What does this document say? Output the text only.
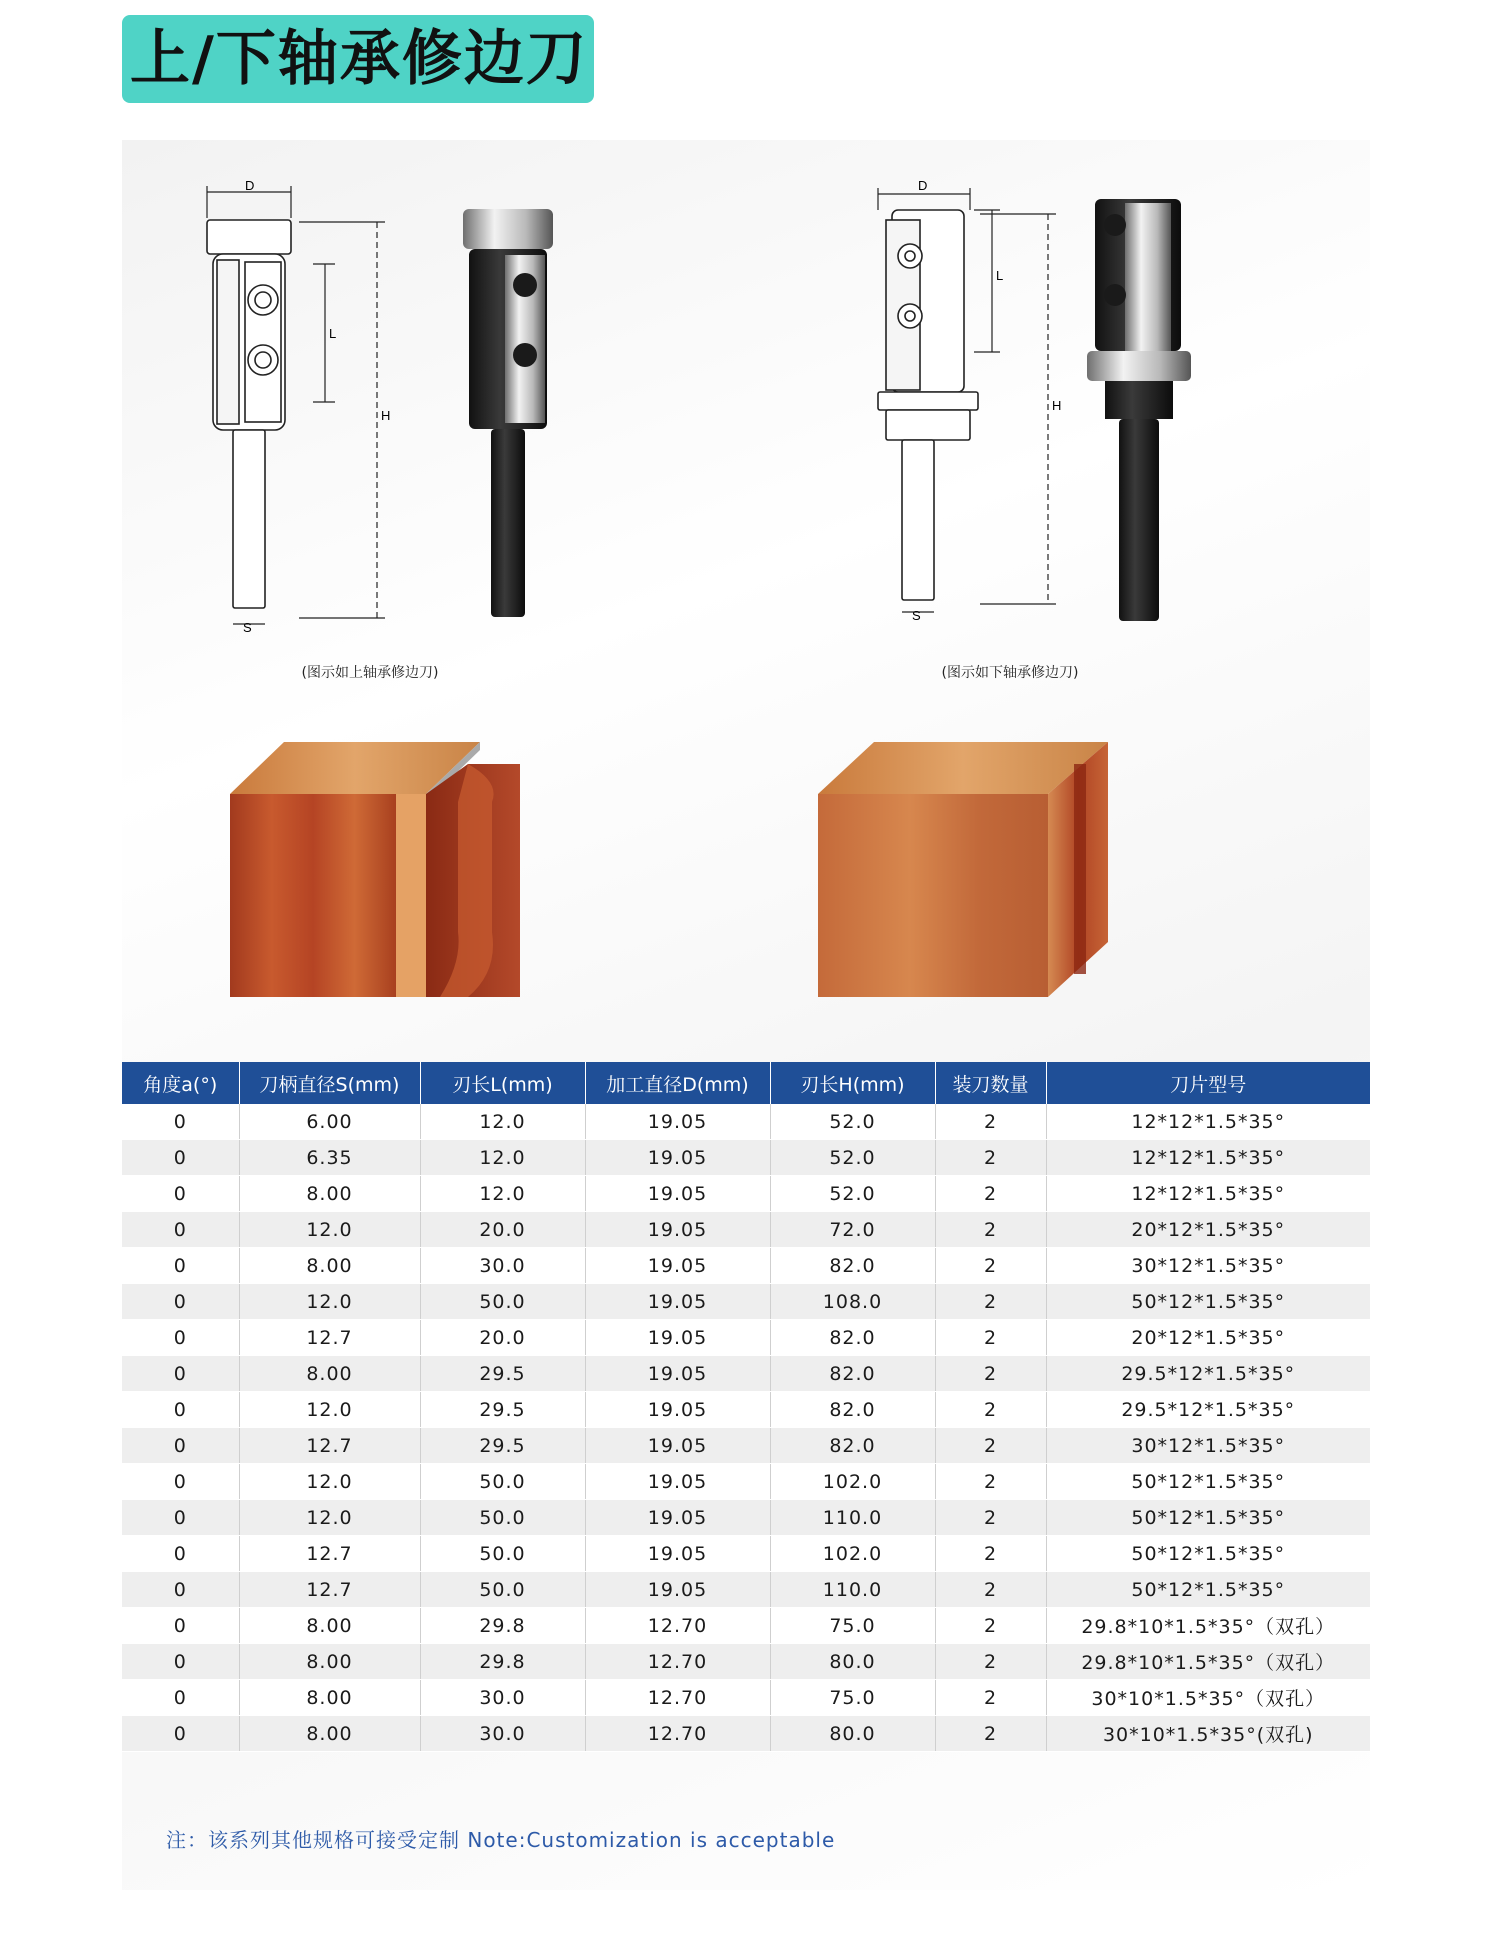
上/下轴承修边刀
D
L
H
S
(图示如上轴承修边刀)
D
L
H
S
(图示如下轴承修边刀)
角度a(°)	刀柄直径S(mm)	刃长L(mm)	加工直径D(mm)	刃长H(mm)	装刀数量	刀片型号
0	6.00	12.0	19.05	52.0	2	12*12*1.5*35°
0	6.35	12.0	19.05	52.0	2	12*12*1.5*35°
0	8.00	12.0	19.05	52.0	2	12*12*1.5*35°
0	12.0	20.0	19.05	72.0	2	20*12*1.5*35°
0	8.00	30.0	19.05	82.0	2	30*12*1.5*35°
0	12.0	50.0	19.05	108.0	2	50*12*1.5*35°
0	12.7	20.0	19.05	82.0	2	20*12*1.5*35°
0	8.00	29.5	19.05	82.0	2	29.5*12*1.5*35°
0	12.0	29.5	19.05	82.0	2	29.5*12*1.5*35°
0	12.7	29.5	19.05	82.0	2	30*12*1.5*35°
0	12.0	50.0	19.05	102.0	2	50*12*1.5*35°
0	12.0	50.0	19.05	110.0	2	50*12*1.5*35°
0	12.7	50.0	19.05	102.0	2	50*12*1.5*35°
0	12.7	50.0	19.05	110.0	2	50*12*1.5*35°
0	8.00	29.8	12.70	75.0	2	29.8*10*1.5*35°（双孔）
0	8.00	29.8	12.70	80.0	2	29.8*10*1.5*35°（双孔）
0	8.00	30.0	12.70	75.0	2	30*10*1.5*35°（双孔）
0	8.00	30.0	12.70	80.0	2	30*10*1.5*35°(双孔)
注：该系列其他规格可接受定制 Note:Customization is acceptable
